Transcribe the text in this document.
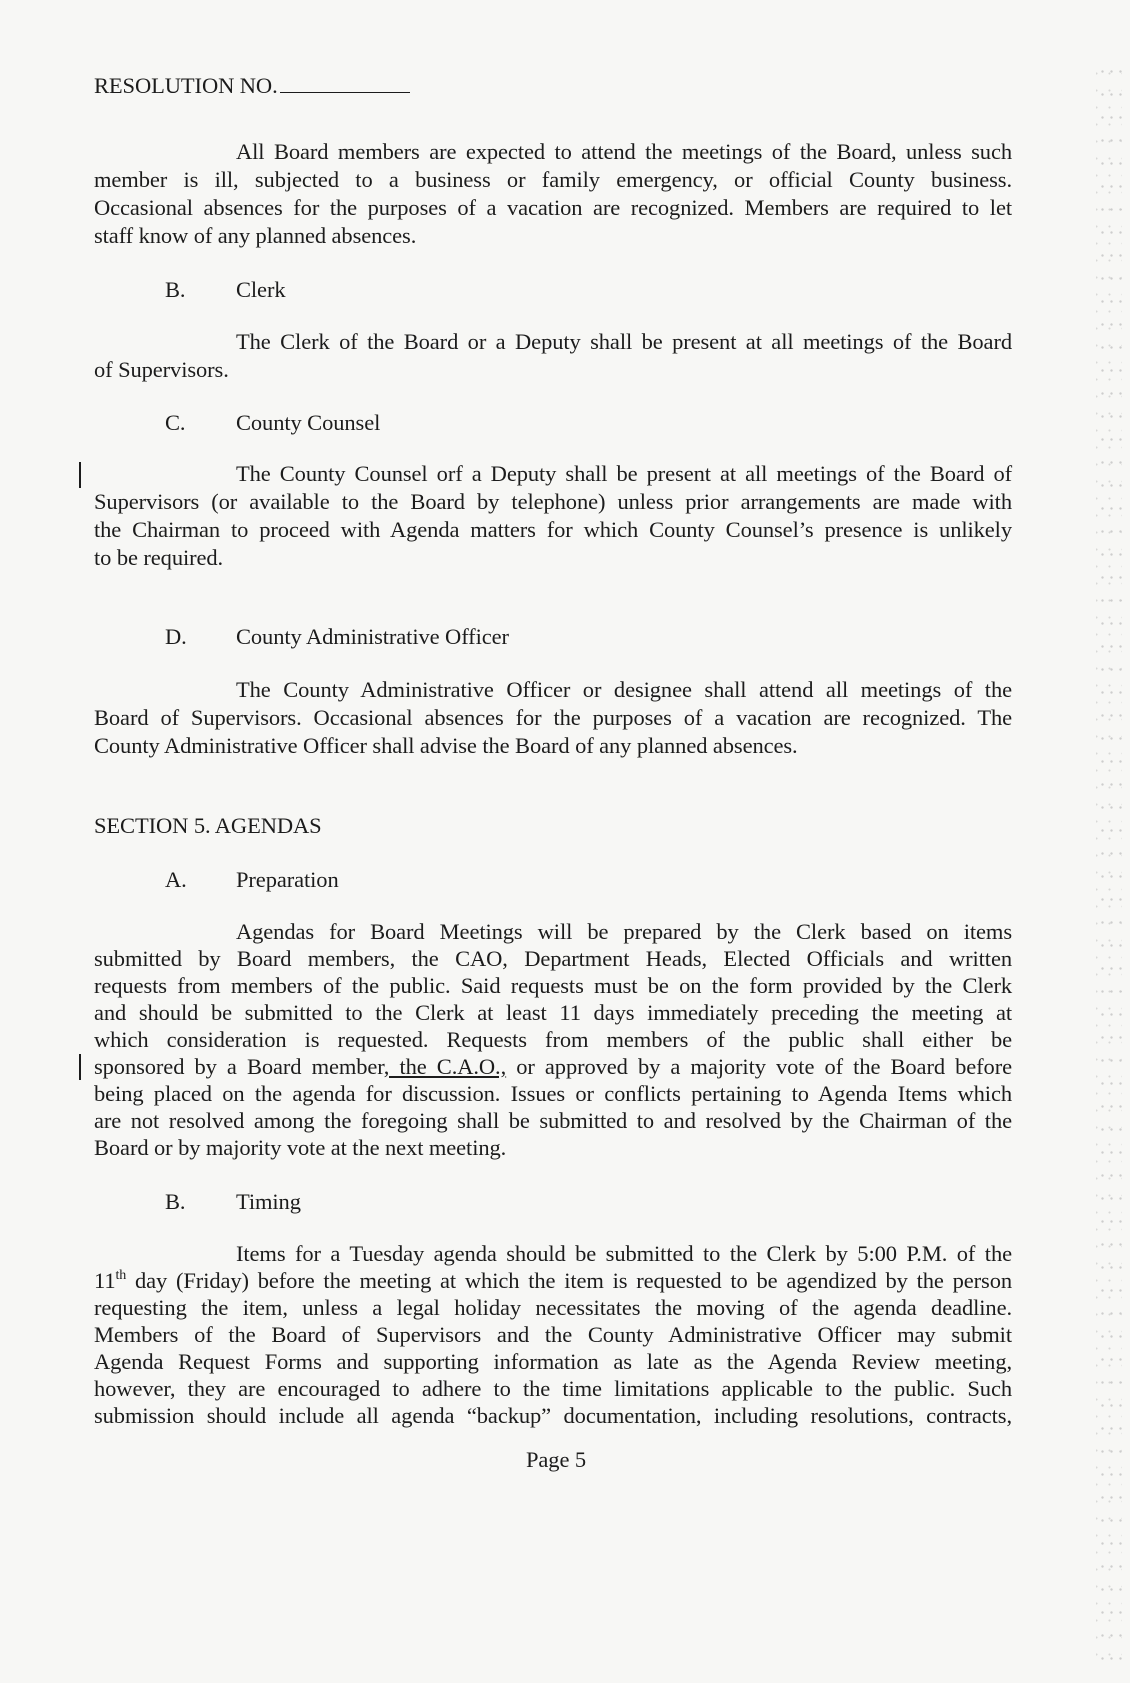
RESOLUTION NO.
All Board members are expected to attend the meetings of the Board, unless such
member is ill, subjected to a business or family emergency, or official County business.
Occasional absences for the purposes of a vacation are recognized. Members are required to let
staff know of any planned absences.
B. Clerk
The Clerk of the Board or a Deputy shall be present at all meetings of the Board
of Supervisors.
C. County Counsel
The County Counsel orf a Deputy shall be present at all meetings of the Board of
Supervisors (or available to the Board by telephone) unless prior arrangements are made with
the Chairman to proceed with Agenda matters for which County Counsel’s presence is unlikely
to be required.
D. County Administrative Officer
The County Administrative Officer or designee shall attend all meetings of the
Board of Supervisors. Occasional absences for the purposes of a vacation are recognized. The
County Administrative Officer shall advise the Board of any planned absences.
SECTION 5. AGENDAS
A. Preparation
Agendas for Board Meetings will be prepared by the Clerk based on items
submitted by Board members, the CAO, Department Heads, Elected Officials and written
requests from members of the public. Said requests must be on the form provided by the Clerk
and should be submitted to the Clerk at least 11 days immediately preceding the meeting at
which consideration is requested. Requests from members of the public shall either be
sponsored by a Board member, the C.A.O., or approved by a majority vote of the Board before
being placed on the agenda for discussion. Issues or conflicts pertaining to Agenda Items which
are not resolved among the foregoing shall be submitted to and resolved by the Chairman of the
Board or by majority vote at the next meeting.
B. Timing
Items for a Tuesday agenda should be submitted to the Clerk by 5:00 P.M. of the
11th day (Friday) before the meeting at which the item is requested to be agendized by the person
requesting the item, unless a legal holiday necessitates the moving of the agenda deadline.
Members of the Board of Supervisors and the County Administrative Officer may submit
Agenda Request Forms and supporting information as late as the Agenda Review meeting,
however, they are encouraged to adhere to the time limitations applicable to the public. Such
submission should include all agenda “backup” documentation, including resolutions, contracts,
Page 5
